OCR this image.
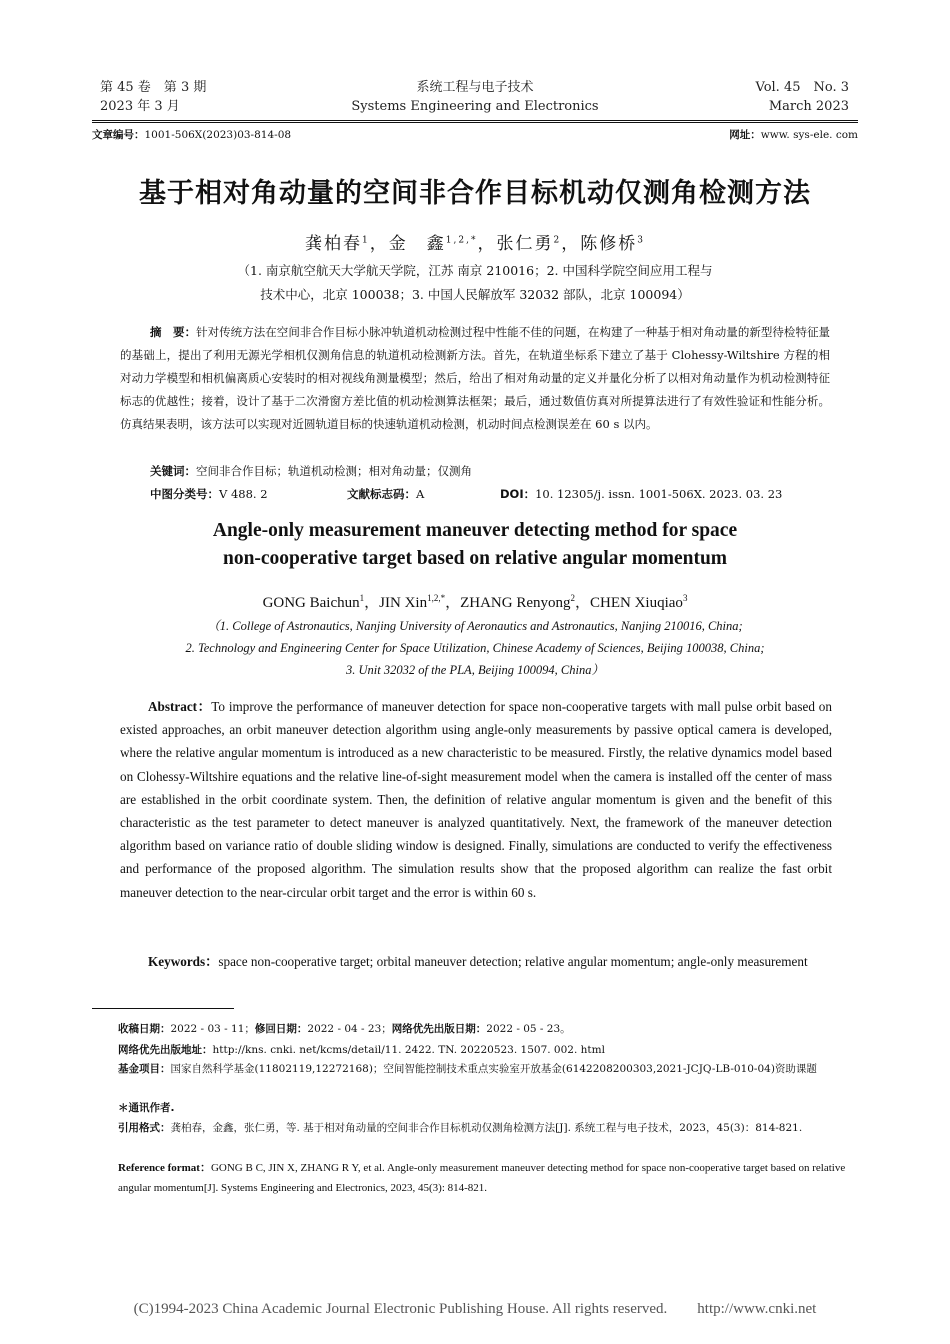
第 45 卷　第 3 期
2023 年 3 月
系统工程与电子技术
Systems Engineering and Electronics
Vol. 45　No. 3
March 2023
文章编号：1001-506X(2023)03-814-08	网址：www. sys-ele. com
基于相对角动量的空间非合作目标机动仅测角检测方法
龚柏春$^1$，金　鑫$^{1,2,*}$，张仁勇$^2$，陈修桥$^3$
（1. 南京航空航天大学航天学院，江苏 南京 210016；2. 中国科学院空间应用工程与
技术中心，北京 100038；3. 中国人民解放军 32032 部队，北京 100094）
摘　要：针对传统方法在空间非合作目标小脉冲轨道机动检测过程中性能不佳的问题，在构建了一种基于相对角动量的新型待检特征量的基础上，提出了利用无源光学相机仅测角信息的轨道机动检测新方法。首先，在轨道坐标系下建立了基于 Clohessy-Wiltshire 方程的相对动力学模型和相机偏离质心安装时的相对视线角测量模型；然后，给出了相对角动量的定义并量化分析了以相对角动量作为机动检测特征标志的优越性；接着，设计了基于二次滑窗方差比值的机动检测算法框架；最后，通过数值仿真对所提算法进行了有效性验证和性能分析。仿真结果表明，该方法可以实现对近圆轨道目标的快速轨道机动检测，机动时间点检测误差在 60 s 以内。
关键词：空间非合作目标；轨道机动检测；相对角动量；仅测角
中图分类号：V 488. 2	文献标志码：A	DOI：10. 12305/j. issn. 1001-506X. 2023. 03. 23
Angle-only measurement maneuver detecting method for space
non-cooperative target based on relative angular momentum
GONG Baichun$^1$，JIN Xin$^{1,2,*}$，ZHANG Renyong$^2$，CHEN Xiuqiao$^3$
（1. College of Astronautics, Nanjing University of Aeronautics and Astronautics, Nanjing 210016, China;
2. Technology and Engineering Center for Space Utilization, Chinese Academy of Sciences, Beijing 100038, China;
3. Unit 32032 of the PLA, Beijing 100094, China）
Abstract：To improve the performance of maneuver detection for space non-cooperative targets with mall pulse orbit based on existed approaches, an orbit maneuver detection algorithm using angle-only measurements by passive optical camera is developed, where the relative angular momentum is introduced as a new characteristic to be measured. Firstly, the relative dynamics model based on Clohessy-Wiltshire equations and the relative line-of-sight measurement model when the camera is installed off the center of mass are established in the orbit coordinate system. Then, the definition of relative angular momentum is given and the benefit of this characteristic as the test parameter to detect maneuver is analyzed quantitatively. Next, the framework of the maneuver detection algorithm based on variance ratio of double sliding window is designed. Finally, simulations are conducted to verify the effectiveness and performance of the proposed algorithm. The simulation results show that the proposed algorithm can realize the fast orbit maneuver detection to the near-circular orbit target and the error is within 60 s.
Keywords：space non-cooperative target; orbital maneuver detection; relative angular momentum; angle-only measurement
收稿日期：2022 - 03 - 11；修回日期：2022 - 04 - 23；网络优先出版日期：2022 - 05 - 23。
网络优先出版地址：http://kns. cnki. net/kcms/detail/11. 2422. TN. 20220523. 1507. 002. html
基金项目：国家自然科学基金(11802119,12272168)；空间智能控制技术重点实验室开放基金(6142208200303,2021-JCJQ-LB-010-04)资助课题
＊通讯作者.
引用格式：龚柏春，金鑫，张仁勇，等. 基于相对角动量的空间非合作目标机动仅测角检测方法[J]. 系统工程与电子技术，2023，45(3)：814-821.
Reference format：GONG B C, JIN X, ZHANG R Y, et al. Angle-only measurement maneuver detecting method for space non-cooperative target based on relative angular momentum[J]. Systems Engineering and Electronics, 2023, 45(3): 814-821.
(C)1994-2023 China Academic Journal Electronic Publishing House. All rights reserved.　　http://www.cnki.net
